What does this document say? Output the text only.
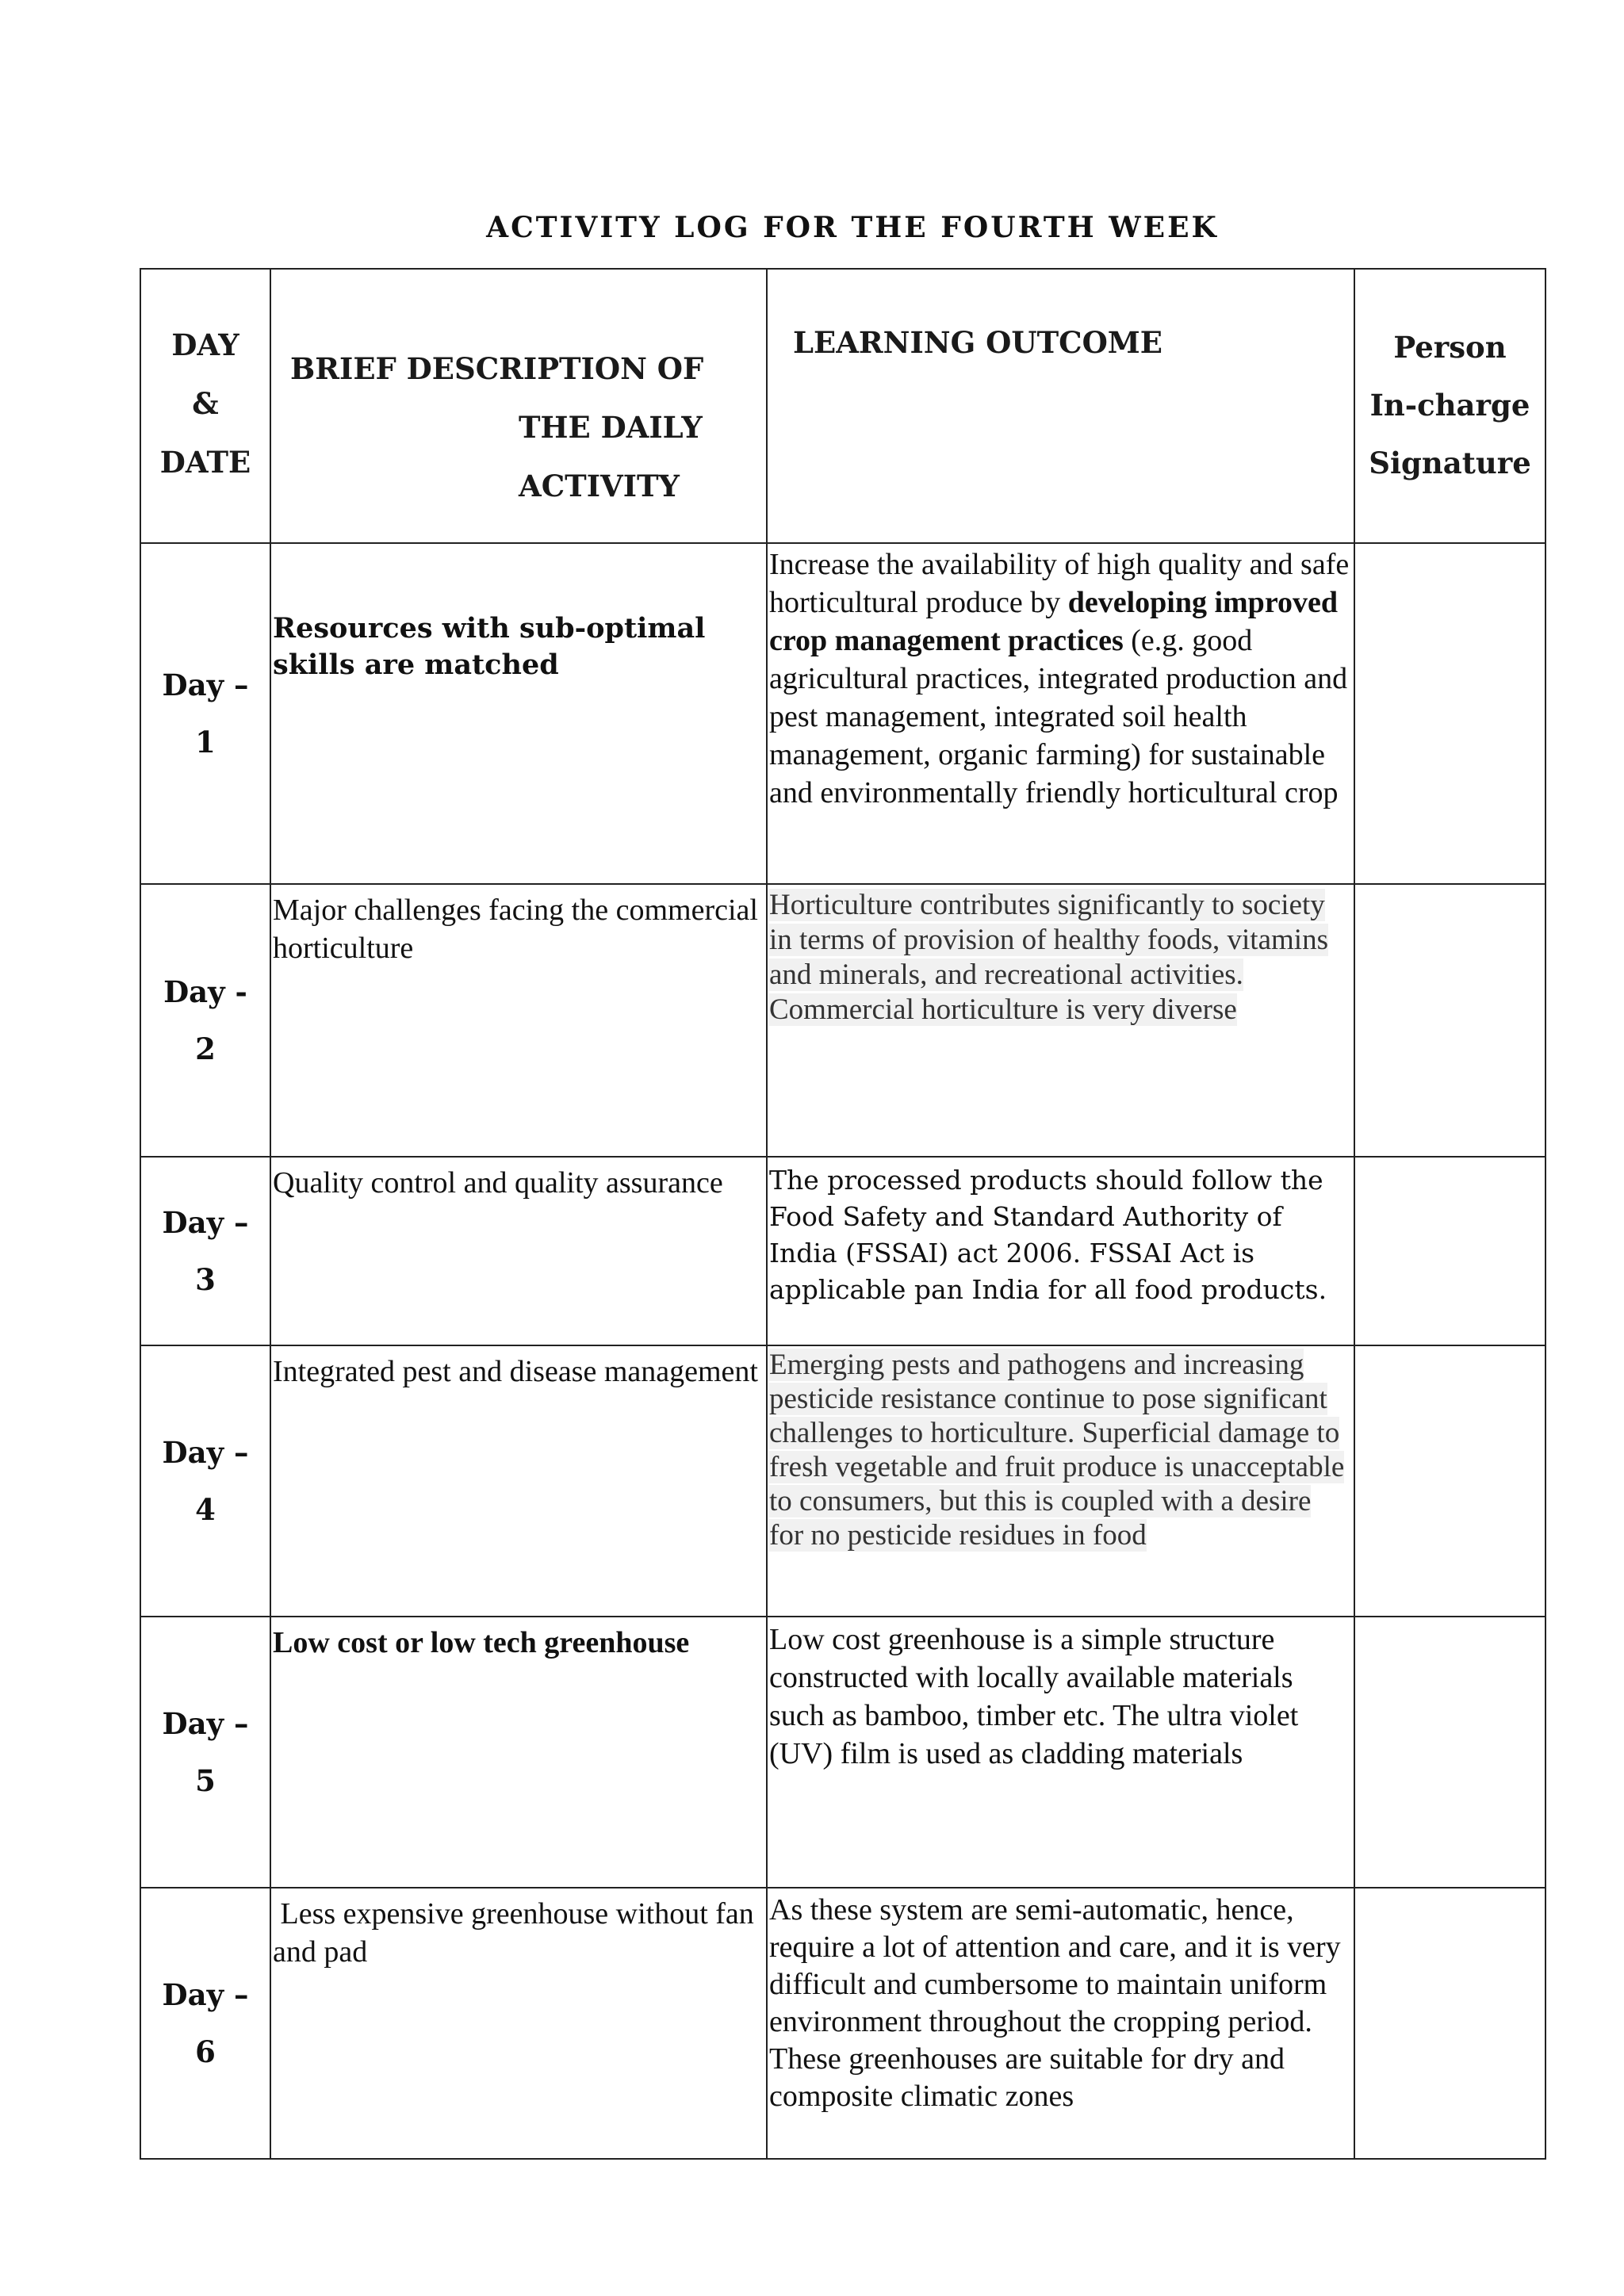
ACTIVITY LOG FOR THE FOURTH WEEK
DAY
&
DATE	BRIEF DESCRIPTION OF
THE DAILY
ACTIVITY	LEARNING OUTCOME	Person
In-charge
Signature

Day –
1	Resources with sub-optimal skills are matched	Increase the availability of high quality and safe horticultural produce by developing improved crop management practices (e.g. good agricultural practices, integrated production and pest management, integrated soil health management, organic farming) for sustainable and environmentally friendly horticultural crop	

Day -
2	Major challenges facing the commercial horticulture	Horticulture contributes significantly to society in terms of provision of healthy foods, vitamins and minerals, and recreational activities. Commercial horticulture is very diverse	

Day –
3	Quality control and quality assurance	The processed products should follow the Food Safety and Standard Authority of India (FSSAI) act 2006. FSSAI Act is applicable pan India for all food products.	

Day –
4	Integrated pest and disease management	Emerging pests and pathogens and increasing pesticide resistance continue to pose significant challenges to horticulture. Superficial damage to fresh vegetable and fruit produce is unacceptable to consumers, but this is coupled with a desire for no pesticide residues in food	

Day –
5	Low cost or low tech greenhouse	Low cost greenhouse is a simple structure constructed with locally available materials such as bamboo, timber etc. The ultra violet (UV) film is used as cladding materials	

Day –
6	Less expensive greenhouse without fan and pad	As these system are semi-automatic, hence, require a lot of attention and care, and it is very difficult and cumbersome to maintain uniform environment throughout the cropping period. These greenhouses are suitable for dry and composite climatic zones	
